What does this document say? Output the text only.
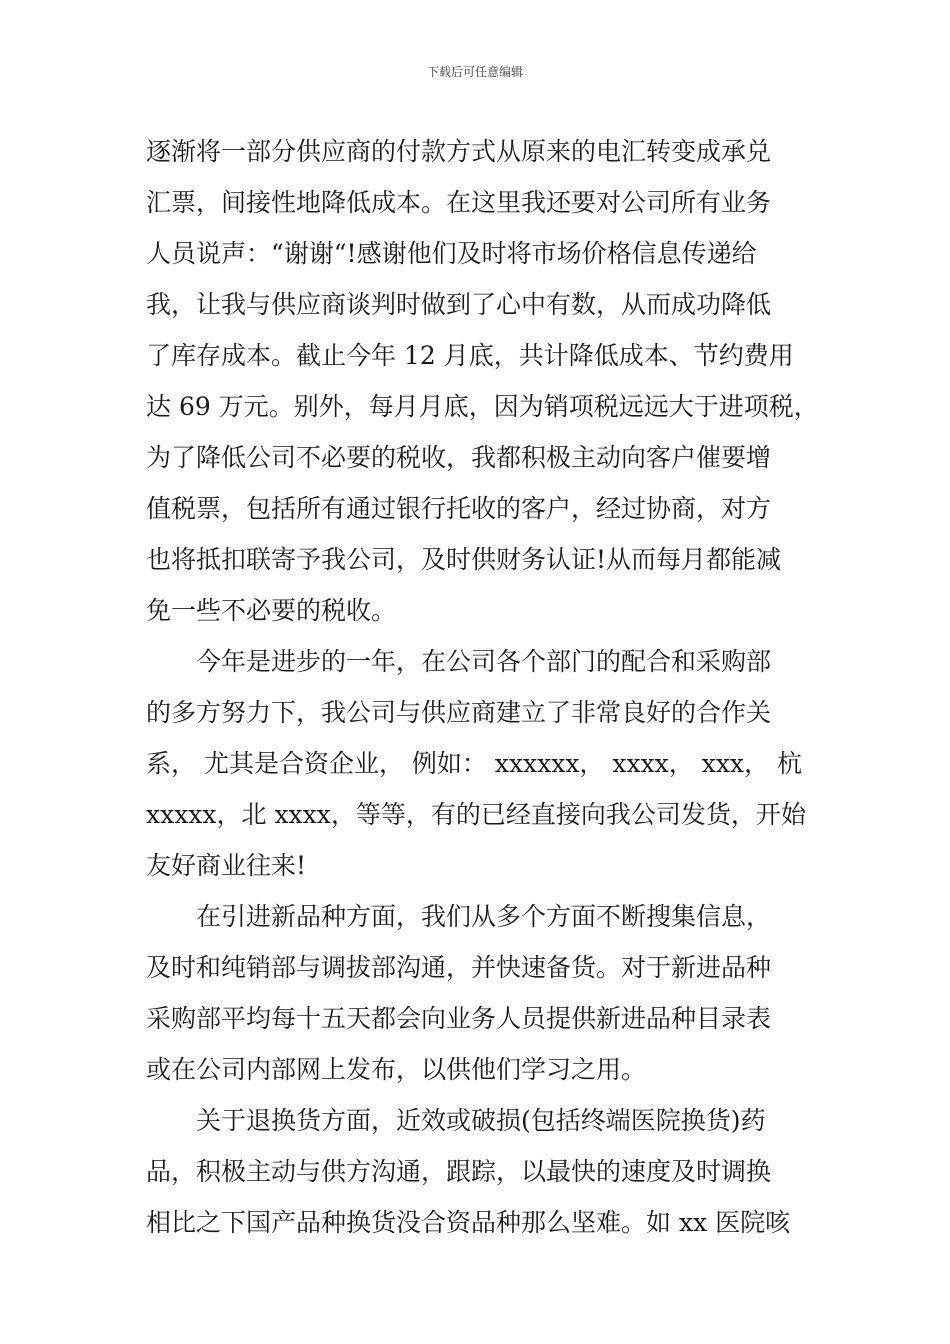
下载后可任意编辑
逐渐将一部分供应商的付款方式从原来的电汇转变成承兑
汇票，间接性地降低成本。在这里我还要对公司所有业务
人员说声：“谢谢“!感谢他们及时将市场价格信息传递给
我，让我与供应商谈判时做到了心中有数，从而成功降低
了库存成本。截止今年 12 月底，共计降低成本、节约费用
达 69 万元。别外，每月月底，因为销项税远远大于进项税，
为了降低公司不必要的税收，我都积极主动向客户催要增
值税票，包括所有通过银行托收的客户，经过协商，对方
也将抵扣联寄予我公司，及时供财务认证!从而每月都能减
免一些不必要的税收。
　　今年是进步的一年，在公司各个部门的配合和采购部
的多方努力下，我公司与供应商建立了非常良好的合作关
系， 尤其是合资企业， 例如： xxxxxx， xxxx， xxx， 杭
xxxxx，北 xxxx，等等，有的已经直接向我公司发货，开始
友好商业往来!
　　在引进新品种方面，我们从多个方面不断搜集信息，
及时和纯销部与调拔部沟通，并快速备货。对于新进品种
采购部平均每十五天都会向业务人员提供新进品种目录表
或在公司内部网上发布，以供他们学习之用。
　　关于退换货方面，近效或破损(包括终端医院换货)药
品，积极主动与供方沟通，跟踪，以最快的速度及时调换
相比之下国产品种换货没合资品种那么坚难。如 xx 医院咳
